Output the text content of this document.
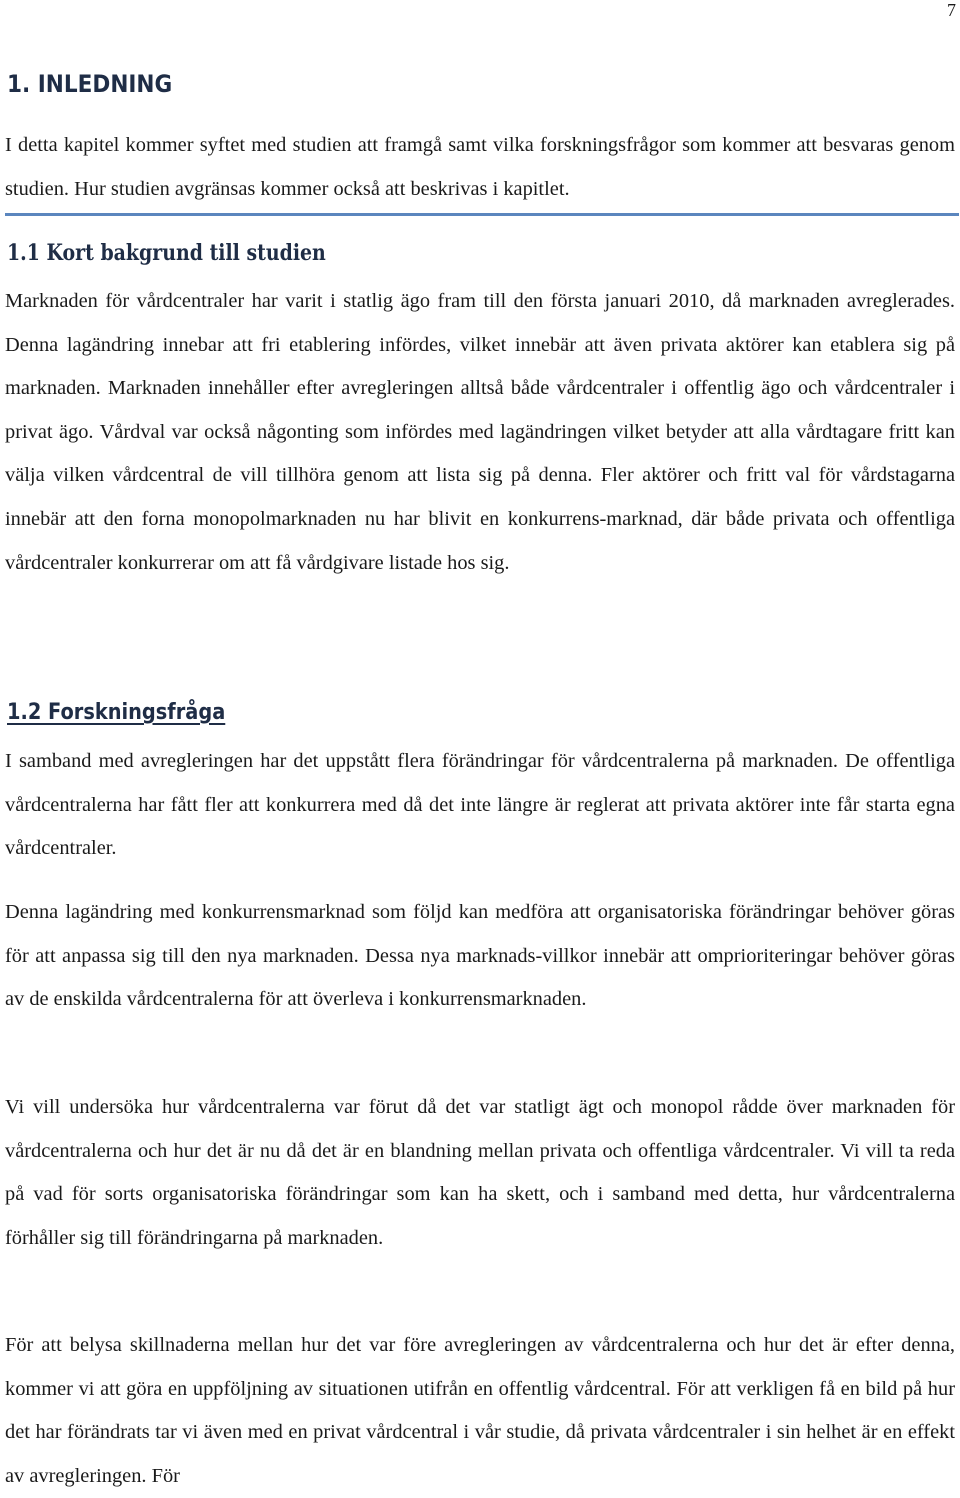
7
1. INLEDNING
I detta kapitel kommer syftet med studien att framgå samt vilka forskningsfrågor som kommer att besvaras genom studien. Hur studien avgränsas kommer också att beskrivas i kapitlet.
1.1 Kort bakgrund till studien
Marknaden för vårdcentraler har varit i statlig ägo fram till den första januari 2010, då marknaden avreglerades. Denna lagändring innebar att fri etablering infördes, vilket innebär att även privata aktörer kan etablera sig på marknaden. Marknaden innehåller efter avregleringen alltså både vårdcentraler i offentlig ägo och vårdcentraler i privat ägo. Vårdval var också någonting som infördes med lagändringen vilket betyder att alla vårdtagare fritt kan välja vilken vårdcentral de vill tillhöra genom att lista sig på denna. Fler aktörer och fritt val för vårdstagarna innebär att den forna monopolmarknaden nu har blivit en konkurrens-marknad, där både privata och offentliga vårdcentraler konkurrerar om att få vårdgivare listade hos sig.
1.2 Forskningsfråga
I samband med avregleringen har det uppstått flera förändringar för vårdcentralerna på marknaden. De offentliga vårdcentralerna har fått fler att konkurrera med då det inte längre är reglerat att privata aktörer inte får starta egna vårdcentraler.
Denna lagändring med konkurrensmarknad som följd kan medföra att organisatoriska förändringar behöver göras för att anpassa sig till den nya marknaden. Dessa nya marknads-villkor innebär att omprioriteringar behöver göras av de enskilda vårdcentralerna för att överleva i konkurrensmarknaden.
Vi vill undersöka hur vårdcentralerna var förut då det var statligt ägt och monopol rådde över marknaden för vårdcentralerna och hur det är nu då det är en blandning mellan privata och offentliga vårdcentraler. Vi vill ta reda på vad för sorts organisatoriska förändringar som kan ha skett, och i samband med detta, hur vårdcentralerna förhåller sig till förändringarna på marknaden.
För att belysa skillnaderna mellan hur det var före avregleringen av vårdcentralerna och hur det är efter denna, kommer vi att göra en uppföljning av situationen utifrån en offentlig vårdcentral. För att verkligen få en bild på hur det har förändrats tar vi även med en privat vårdcentral i vår studie, då privata vårdcentraler i sin helhet är en effekt av avregleringen. För
